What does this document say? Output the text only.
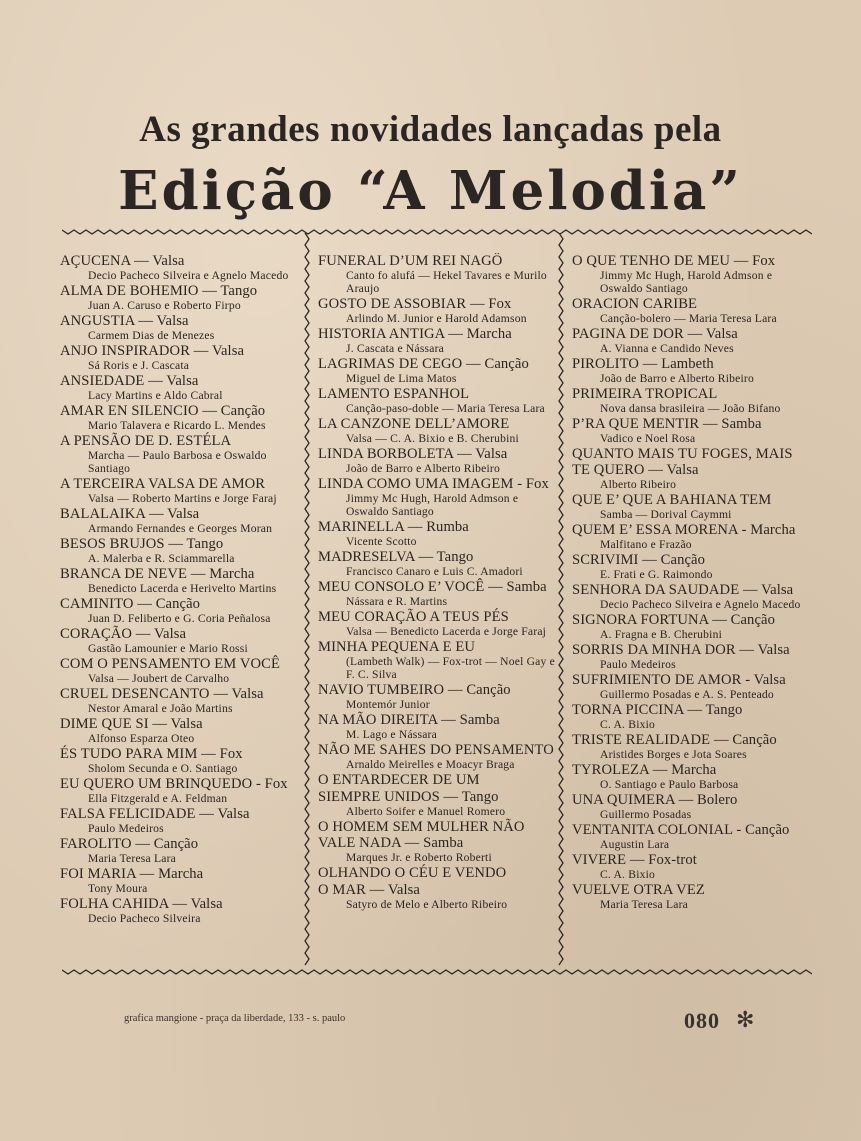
As grandes novidades lançadas pela
Edição “A Melodia”
AÇUCENA — Valsa
Decio Pacheco Silveira e Agnelo Macedo
ALMA DE BOHEMIO — Tango
Juan A. Caruso e Roberto Firpo
ANGUSTIA — Valsa
Carmem Dias de Menezes
ANJO INSPIRADOR — Valsa
Sá Roris e J. Cascata
ANSIEDADE — Valsa
Lacy Martins e Aldo Cabral
AMAR EN SILENCIO — Canção
Mario Talavera e Ricardo L. Mendes
A PENSÃO DE D. ESTÉLA
Marcha — Paulo Barbosa e Oswaldo Santiago
A TERCEIRA VALSA DE AMOR
Valsa — Roberto Martins e Jorge Faraj
BALALAIKA — Valsa
Armando Fernandes e Georges Moran
BESOS BRUJOS — Tango
A. Malerba e R. Sciammarella
BRANCA DE NEVE — Marcha
Benedicto Lacerda e Herivelto Martins
CAMINITO — Canção
Juan D. Feliberto e G. Coria Peñalosa
CORAÇÃO — Valsa
Gastão Lamounier e Mario Rossi
COM O PENSAMENTO EM VOCÊ
Valsa — Joubert de Carvalho
CRUEL DESENCANTO — Valsa
Nestor Amaral e João Martins
DIME QUE SI — Valsa
Alfonso Esparza Oteo
ÉS TUDO PARA MIM — Fox
Sholom Secunda e O. Santiago
EU QUERO UM BRINQUEDO - Fox
Ella Fitzgerald e A. Feldman
FALSA FELICIDADE — Valsa
Paulo Medeiros
FAROLITO — Canção
Maria Teresa Lara
FOI MARIA — Marcha
Tony Moura
FOLHA CAHIDA — Valsa
Decio Pacheco Silveira
FUNERAL D’UM REI NAGÔ
Canto fo alufá — Hekel Tavares e Murilo Araujo
GOSTO DE ASSOBIAR — Fox
Arlindo M. Junior e Harold Adamson
HISTORIA ANTIGA — Marcha
J. Cascata e Nássara
LAGRIMAS DE CEGO — Canção
Miguel de Lima Matos
LAMENTO ESPANHOL
Canção-paso-doble — Maria Teresa Lara
LA CANZONE DELL’AMORE
Valsa — C. A. Bixio e B. Cherubini
LINDA BORBOLETA — Valsa
João de Barro e Alberto Ribeiro
LINDA COMO UMA IMAGEM - Fox
Jimmy Mc Hugh, Harold Admson e Oswaldo Santiago
MARINELLA — Rumba
Vicente Scotto
MADRESELVA — Tango
Francisco Canaro e Luis C. Amadori
MEU CONSOLO E’ VOCÊ — Samba
Nássara e R. Martins
MEU CORAÇÃO A TEUS PÉS
Valsa — Benedicto Lacerda e Jorge Faraj
MINHA PEQUENA E EU
(Lambeth Walk) — Fox-trot — Noel Gay e F. C. Silva
NAVIO TUMBEIRO — Canção
Montemór Junior
NA MÃO DIREITA — Samba
M. Lago e Nássara
NÃO ME SAHES DO PENSAMENTO
Arnaldo Meirelles e Moacyr Braga
O ENTARDECER DE UM
SIEMPRE UNIDOS — Tango
Alberto Soifer e Manuel Romero
O HOMEM SEM MULHER NÃO VALE NADA — Samba
Marques Jr. e Roberto Roberti
OLHANDO O CÉU E VENDO
O MAR — Valsa
Satyro de Melo e Alberto Ribeiro
O QUE TENHO DE MEU — Fox
Jimmy Mc Hugh, Harold Admson e Oswaldo Santiago
ORACION CARIBE
Canção-bolero — Maria Teresa Lara
PAGINA DE DOR — Valsa
A. Vianna e Candido Neves
PIROLITO — Lambeth
João de Barro e Alberto Ribeiro
PRIMEIRA TROPICAL
Nova dansa brasileira — João Bifano
P’RA QUE MENTIR — Samba
Vadico e Noel Rosa
QUANTO MAIS TU FOGES, MAIS TE QUERO — Valsa
Alberto Ribeiro
QUE E’ QUE A BAHIANA TEM
Samba — Dorival Caymmi
QUEM E’ ESSA MORENA - Marcha
Malfitano e Frazão
SCRIVIMI — Canção
E. Frati e G. Raimondo
SENHORA DA SAUDADE — Valsa
Decio Pacheco Silveira e Agnelo Macedo
SIGNORA FORTUNA — Canção
A. Fragna e B. Cherubini
SORRIS DA MINHA DOR — Valsa
Paulo Medeiros
SUFRIMIENTO DE AMOR - Valsa
Guillermo Posadas e A. S. Penteado
TORNA PICCINA — Tango
C. A. Bixio
TRISTE REALIDADE — Canção
Aristides Borges e Jota Soares
TYROLEZA — Marcha
O. Santiago e Paulo Barbosa
UNA QUIMERA — Bolero
Guillermo Posadas
VENTANITA COLONIAL - Canção
Augustin Lara
VIVERE — Fox-trot
C. A. Bixio
VUELVE OTRA VEZ
Maria Teresa Lara
grafica mangione - praça da liberdade, 133 - s. paulo	080 ✻
